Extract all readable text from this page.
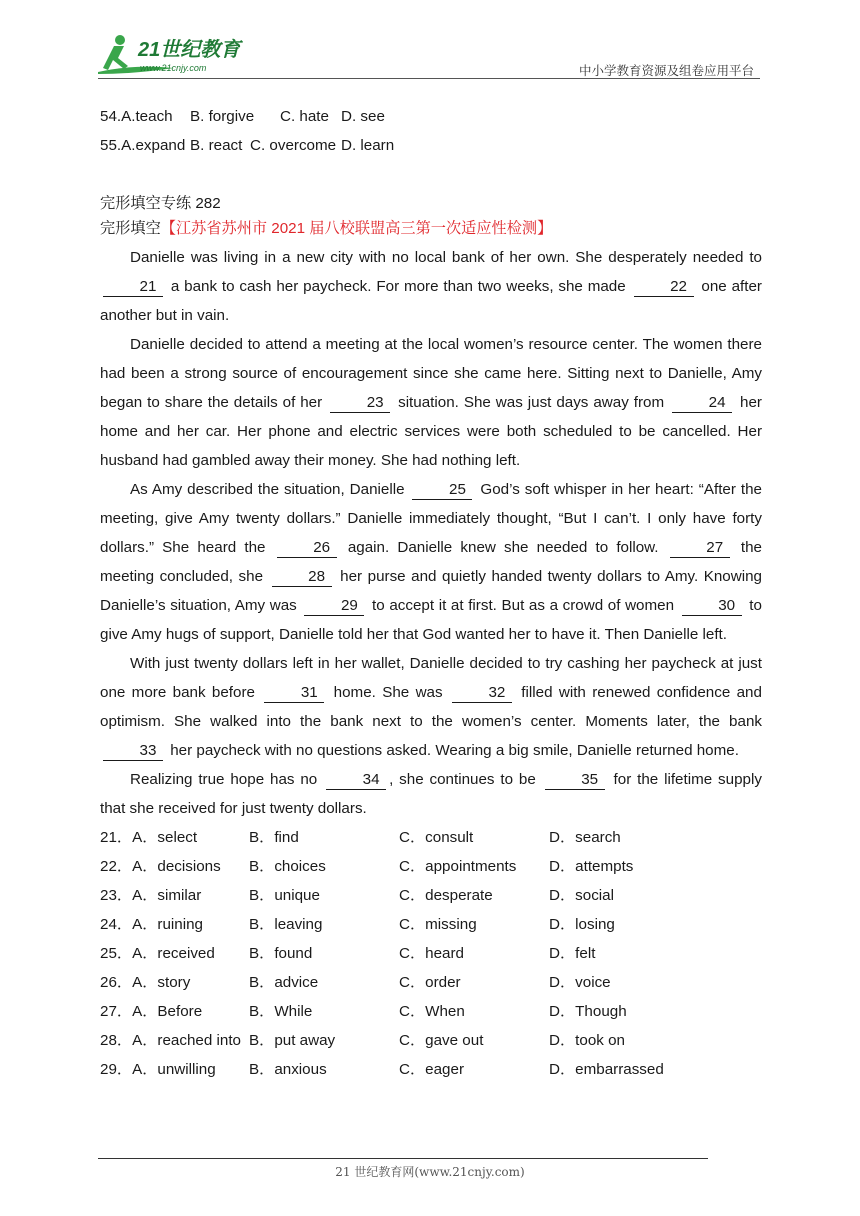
21世纪教育
www.21cnjy.com	中小学教育资源及组卷应用平台
54.A.teach B. forgive C. hate D. see
55.A.expand B. react C. overcome D. learn
完形填空专练 282
完形填空【江苏省苏州市 2021 届八校联盟高三第一次适应性检测】

Danielle was living in a new city with no local bank of her own. She desperately needed to 21 a bank to cash her paycheck. For more than two weeks, she made	22 one after another but in vain.

Danielle decided to attend a meeting at the local women’s resource center. The women there had been a strong source of encouragement since she came here. Sitting next to Danielle, Amy began to share the details of her	23 situation. She was just days away from	24 her home and her car. Her phone and electric services were both scheduled to be cancelled. Her husband had gambled away their money. She had nothing left.

As Amy described the situation, Danielle	25 God’s soft whisper in her heart: “After the meeting, give Amy twenty dollars.” Danielle immediately thought, “But I can’t. I only have forty dollars.” She heard the	26 again. Danielle knew she needed to follow.	27 the meeting concluded, she	28 her purse and quietly handed twenty dollars to Amy. Knowing Danielle’s situation, Amy was	29 to accept it at first. But as a crowd of women	30 to give Amy hugs of support, Danielle told her that God wanted her to have it. Then Danielle left.

With just twenty dollars left in her wallet, Danielle decided to try cashing her paycheck at just one more bank before	31 home. She was	32 filled with renewed confidence and optimism. She walked into the bank next to the women’s center. Moments later, the bank 33 her paycheck with no questions asked. Wearing a big smile, Danielle returned home.

Realizing true hope has no	34 , she continues to be	35 for the lifetime supply that she received for just twenty dollars.

21．A．select	B．find	C．consult	D．search
22．A．decisions B．choices	C．appointments D．attempts
23．A．similar	B．unique	C．desperate	D．social
24．A．ruining	B．leaving	C．missing	D．losing
25．A．received B．found	C．heard	D．felt
26．A．story	B．advice	C．order	D．voice
27．A．Before	B．While	C．When	D．Though
28．A．reached into B．put away	C．gave out	D．took on
29．A．unwilling B．anxious	C．eager	D．embarrassed
21 世纪教育网(www.21cnjy.com)
